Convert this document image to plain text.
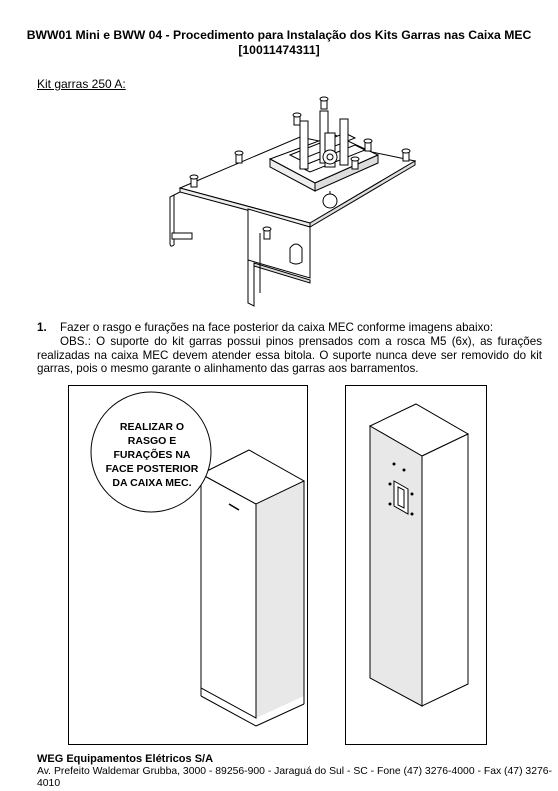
BWW01 Mini e BWW 04 - Procedimento para Instalação dos Kits Garras nas Caixa MEC
[10011474311]
Kit garras 250 A:
1. Fazer o rasgo e furações na face posterior da caixa MEC conforme imagens abaixo:
OBS.: O suporte do kit garras possui pinos prensados com a rosca M5 (6x), as furações realizadas na caixa MEC devem atender essa bitola. O suporte nunca deve ser removido do kit garras, pois o mesmo garante o alinhamento das garras aos barramentos.
REALIZAR O
RASGO E
FURAÇÕES NA
FACE POSTERIOR
DA CAIXA MEC.
WEG Equipamentos Elétricos S/A
Av. Prefeito Waldemar Grubba, 3000 - 89256-900 - Jaraguá do Sul - SC - Fone (47) 3276-4000 - Fax (47) 3276-4010
